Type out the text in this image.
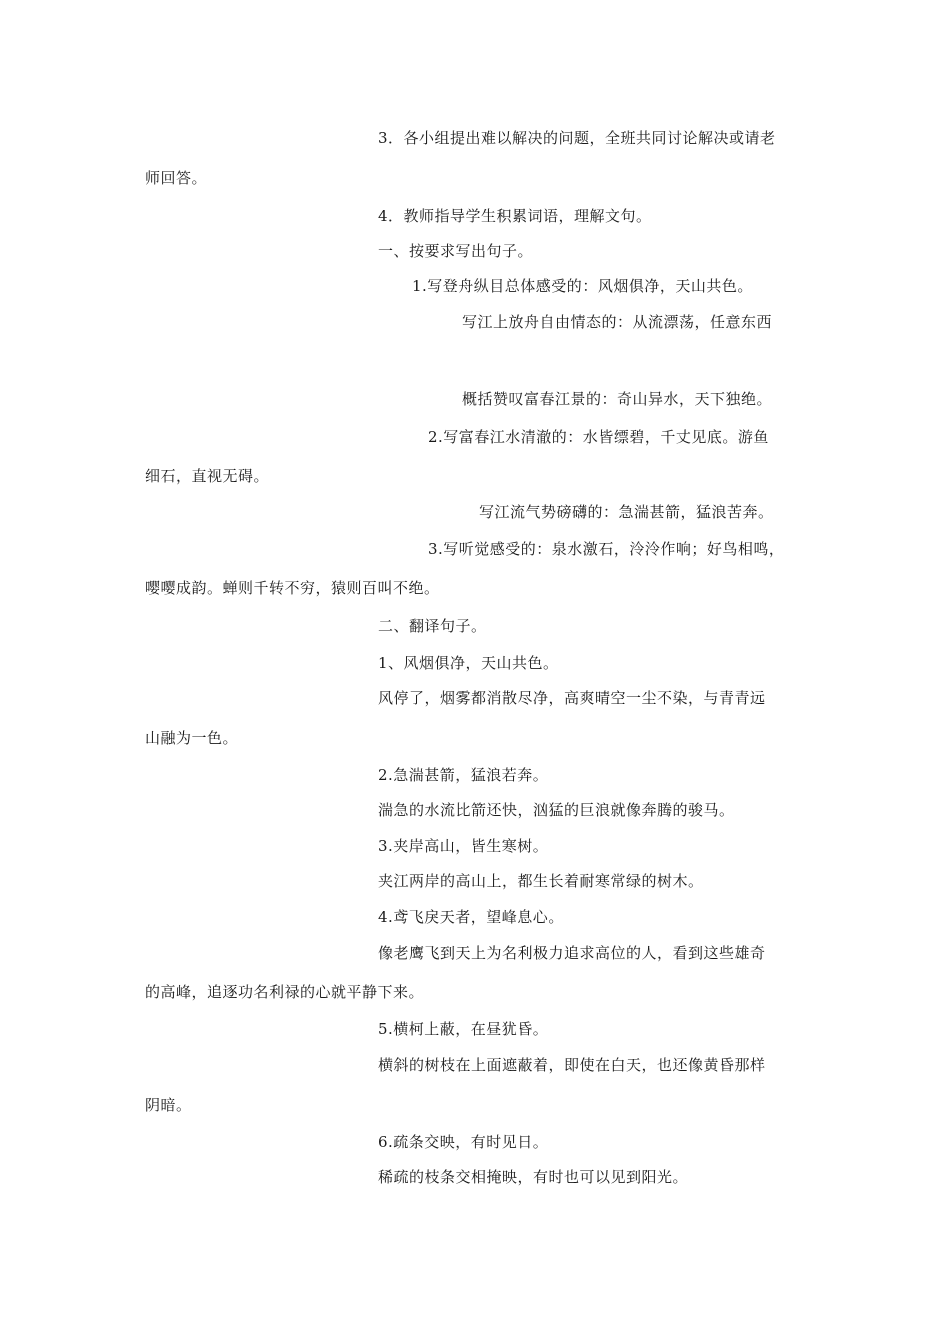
3．各小组提出难以解决的问题，全班共同讨论解决或请老
师回答。
4．教师指导学生积累词语，理解文句。
一、按要求写出句子。
1.写登舟纵目总体感受的：风烟俱净，天山共色。
写江上放舟自由情态的：从流漂荡，任意东西
概括赞叹富春江景的：奇山异水，天下独绝。
2.写富春江水清澈的：水皆缥碧，千丈见底。游鱼
细石，直视无碍。
写江流气势磅礴的：急湍甚箭，猛浪苦奔。
3.写听觉感受的：泉水激石，泠泠作响；好鸟相鸣，
嘤嘤成韵。蝉则千转不穷，猿则百叫不绝。
二、翻译句子。
1、风烟俱净，天山共色。
风停了，烟雾都消散尽净，高爽晴空一尘不染，与青青远
山融为一色。
2.急湍甚箭，猛浪若奔。
湍急的水流比箭还快，汹猛的巨浪就像奔腾的骏马。
3.夹岸高山，皆生寒树。
夹江两岸的高山上，都生长着耐寒常绿的树木。
4.鸢飞戾天者，望峰息心。
像老鹰飞到天上为名利极力追求高位的人，看到这些雄奇
的高峰，追逐功名利禄的心就平静下来。
5.横柯上蔽，在昼犹昏。
横斜的树枝在上面遮蔽着，即使在白天，也还像黄昏那样
阴暗。
6.疏条交映，有时见日。
稀疏的枝条交相掩映，有时也可以见到阳光。
